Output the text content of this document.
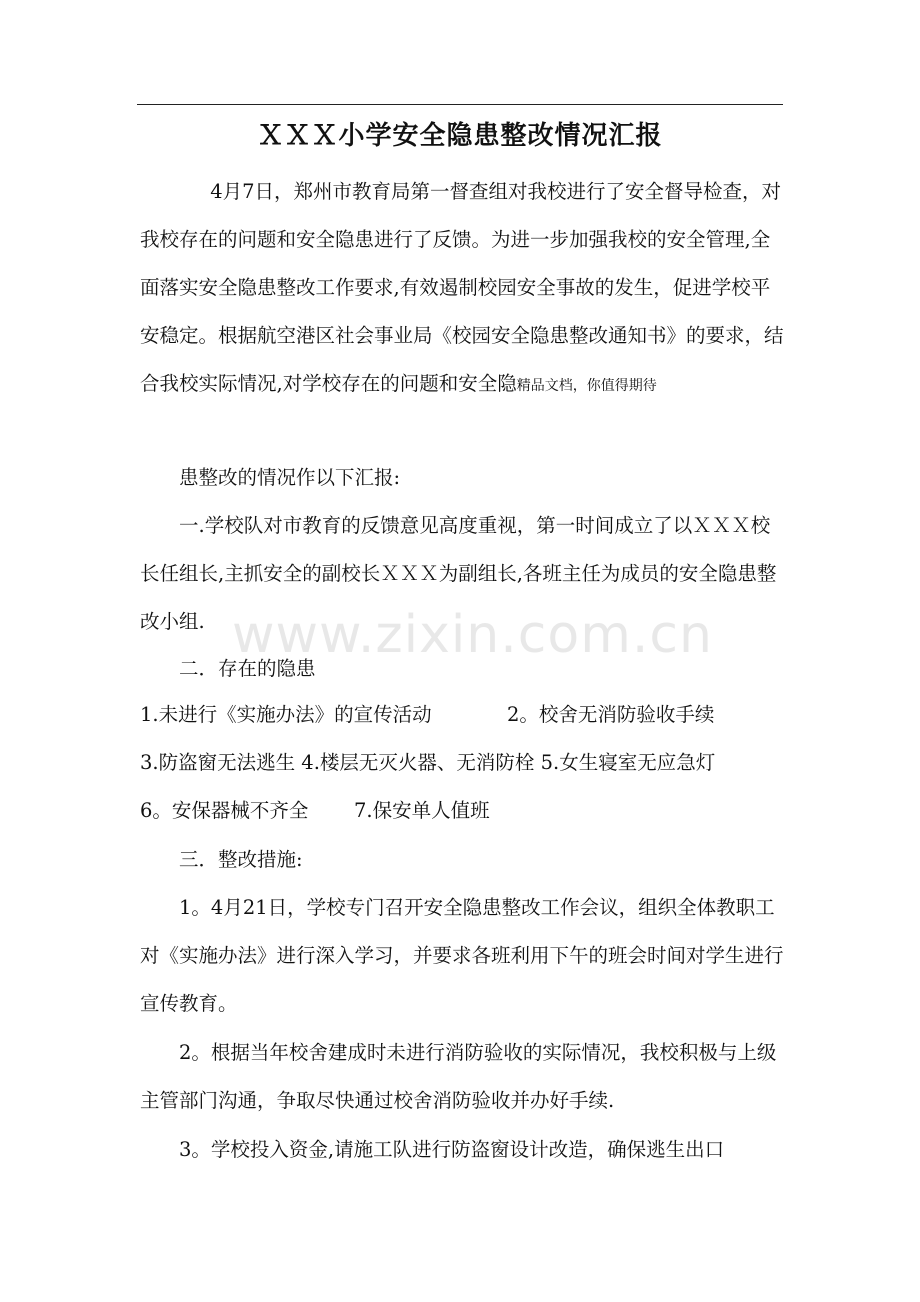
ＸＸＸ小学安全隐患整改情况汇报
4月7日，郑州市教育局第一督查组对我校进行了安全督导检查，对我校存在的问题和安全隐患进行了反馈。为进一步加强我校的安全管理,全面落实安全隐患整改工作要求,有效遏制校园安全事故的发生，促进学校平安稳定。根据航空港区社会事业局《校园安全隐患整改通知书》的要求，结合我校实际情况,对学校存在的问题和安全隐精品文档，你值得期待
患整改的情况作以下汇报:
一.学校队对市教育的反馈意见高度重视，第一时间成立了以ＸＸＸ校长任组长,主抓安全的副校长ＸＸＸ为副组长,各班主任为成员的安全隐患整改小组.
二．存在的隐患
1.未进行《实施办法》的宣传活动	2。校舍无消防验收手续
3.防盗窗无法逃生 4.楼层无灭火器、无消防栓 5.女生寝室无应急灯
6。安保器械不齐全 7.保安单人值班
三．整改措施:
1。4月21日，学校专门召开安全隐患整改工作会议，组织全体教职工对《实施办法》进行深入学习，并要求各班利用下午的班会时间对学生进行宣传教育。
2。根据当年校舍建成时未进行消防验收的实际情况，我校积极与上级主管部门沟通，争取尽快通过校舍消防验收并办好手续.
3。学校投入资金,请施工队进行防盗窗设计改造，确保逃生出口
www.zixin.com.cn
